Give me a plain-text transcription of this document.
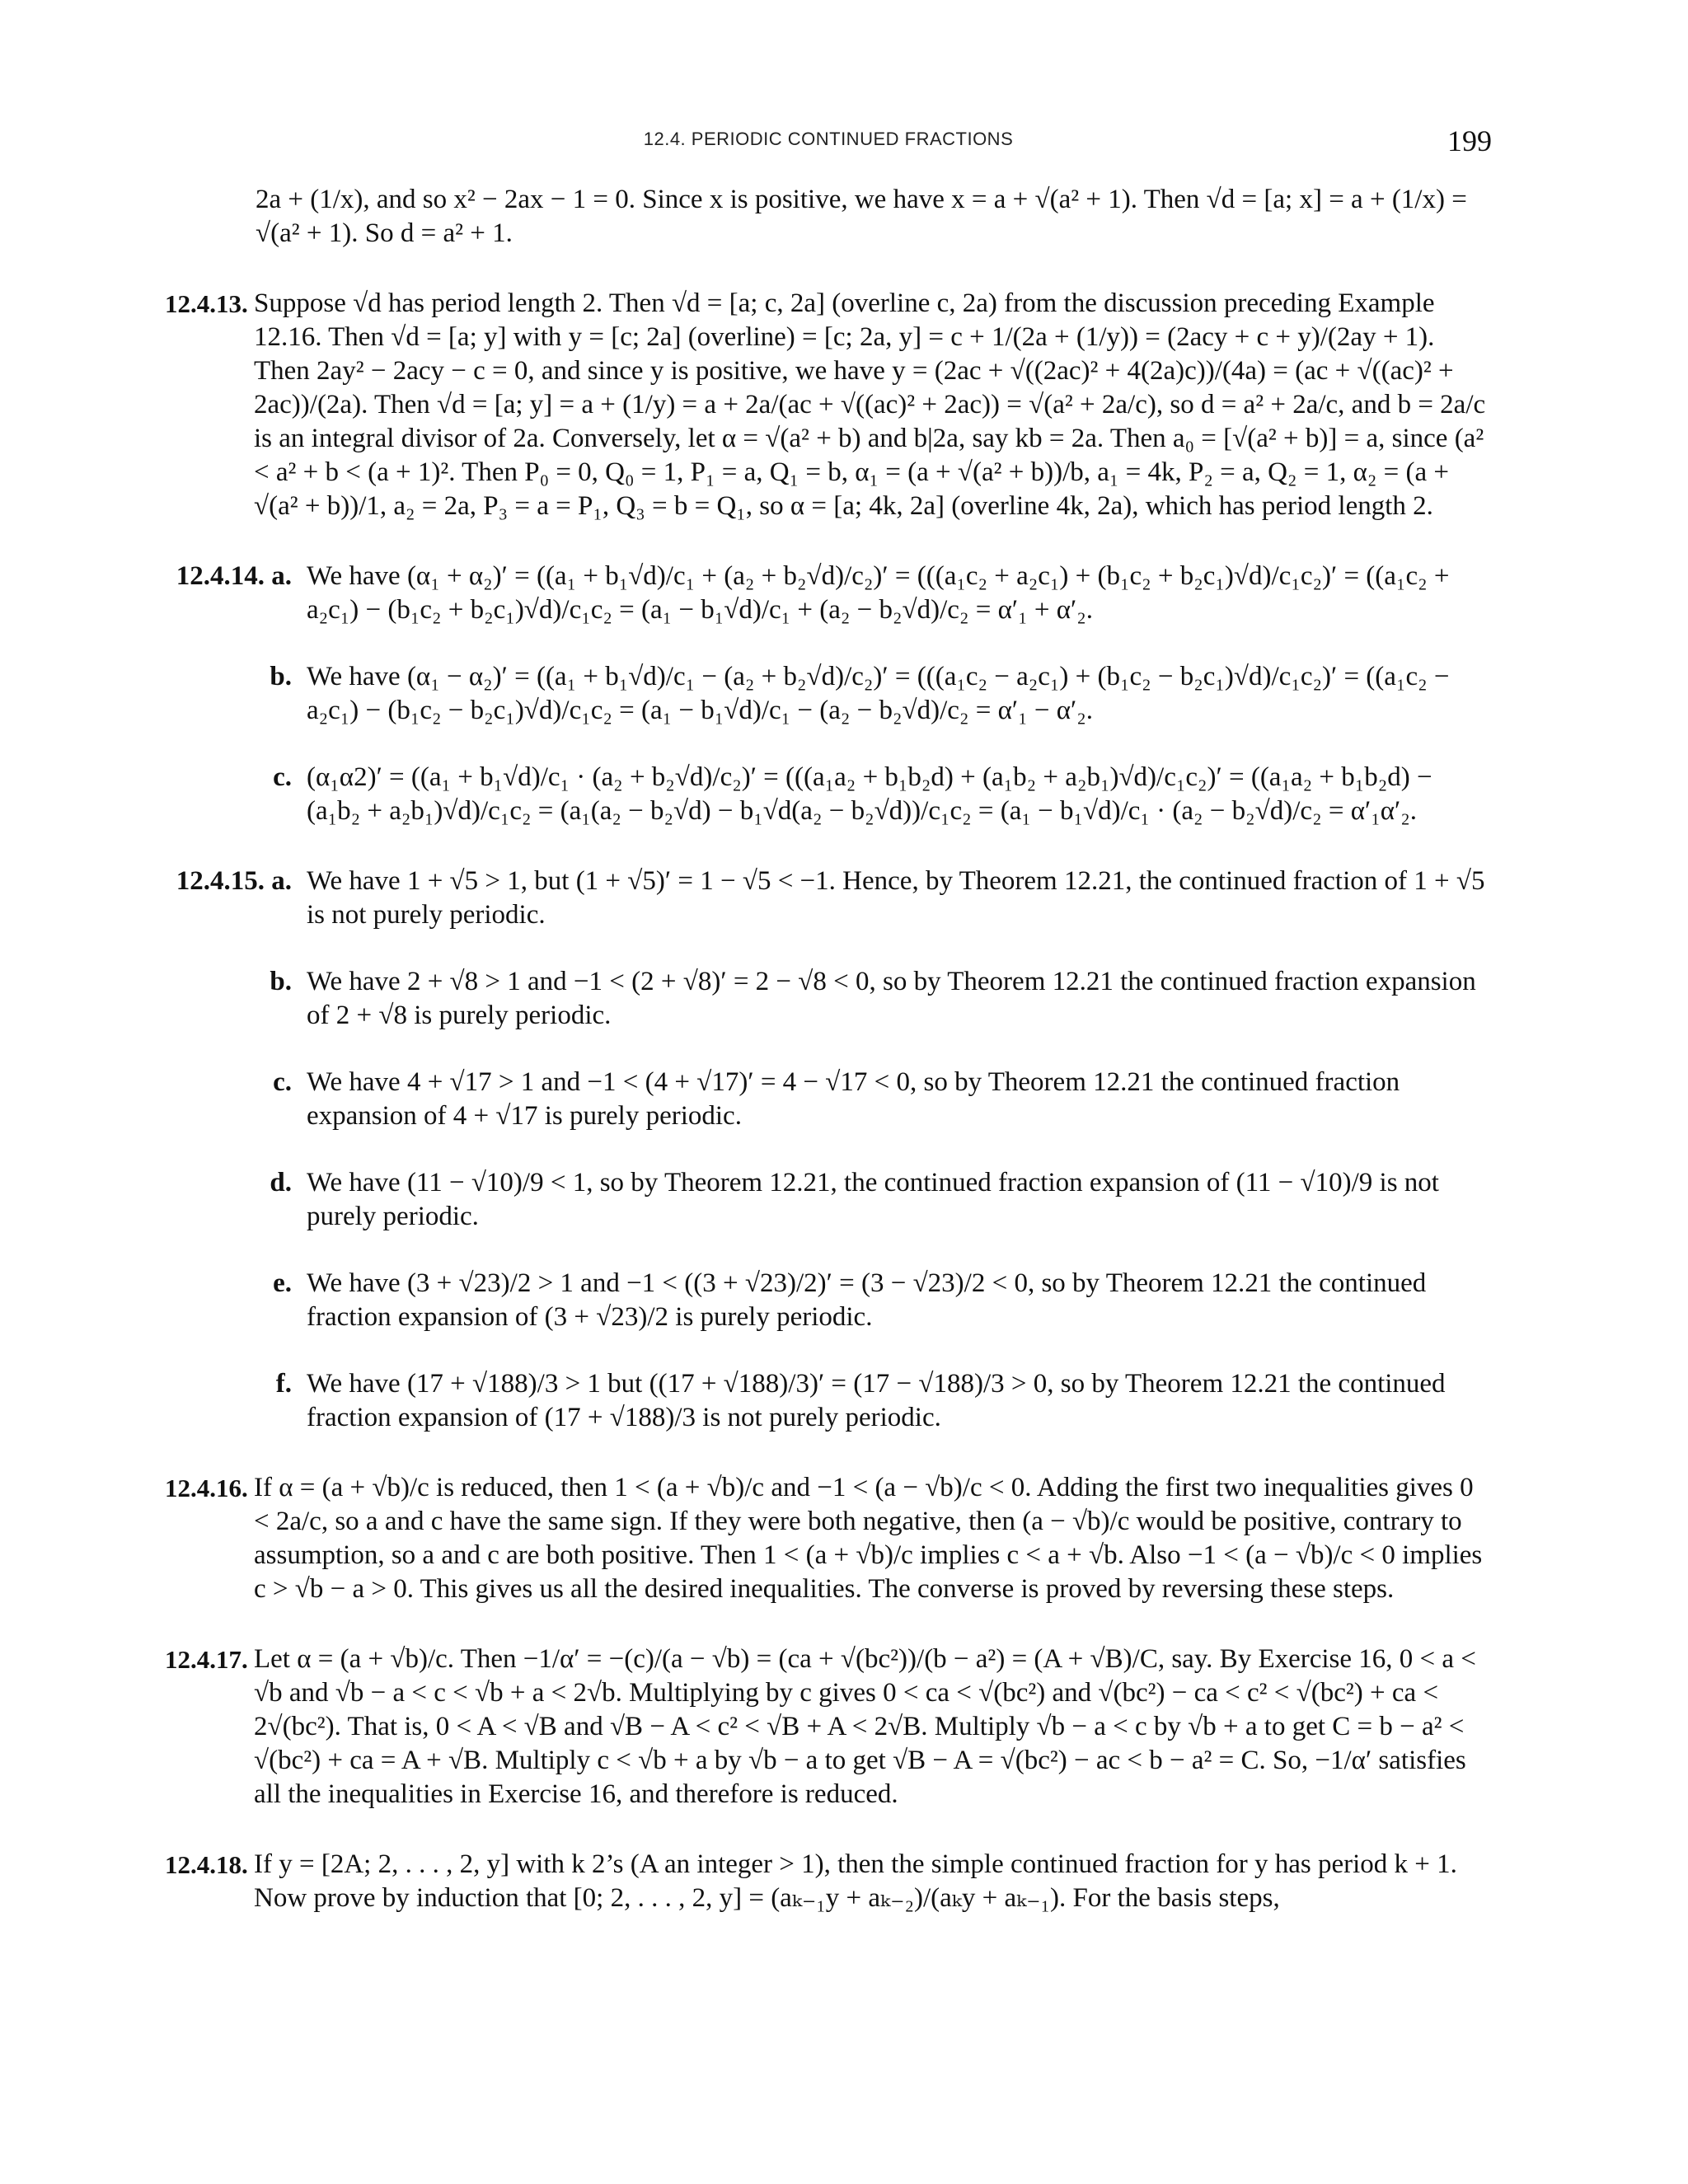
12.4. PERIODIC CONTINUED FRACTIONS	199
2a + (1/x), and so x² − 2ax − 1 = 0. Since x is positive, we have x = a + √(a² + 1). Then √d = [a; x] = a + (1/x) = √(a² + 1). So d = a² + 1.
12.4.13. Suppose √d has period length 2. Then √d = [a; c, 2a] (overline c, 2a) from the discussion preceding Example 12.16. Then √d = [a; y] with y = [c; 2a] (overline) = [c; 2a, y] = c + 1/(2a + (1/y)) = (2acy + c + y)/(2ay + 1). Then 2ay² − 2acy − c = 0, and since y is positive, we have y = (2ac + √((2ac)² + 4(2a)c))/(4a) = (ac + √((ac)² + 2ac))/(2a). Then √d = [a; y] = a + (1/y) = a + 2a/(ac + √((ac)² + 2ac)) = √(a² + 2a/c), so d = a² + 2a/c, and b = 2a/c is an integral divisor of 2a. Conversely, let α = √(a² + b) and b|2a, say kb = 2a. Then a₀ = [√(a² + b)] = a, since (a² < a² + b < (a + 1)². Then P₀ = 0, Q₀ = 1, P₁ = a, Q₁ = b, α₁ = (a + √(a² + b))/b, a₁ = 4k, P₂ = a, Q₂ = 1, α₂ = (a + √(a² + b))/1, a₂ = 2a, P₃ = a = P₁, Q₃ = b = Q₁, so α = [a; 4k, 2a] (overline 4k, 2a), which has period length 2.
12.4.14. a. We have (α₁ + α₂)′ = ((a₁ + b₁√d)/c₁ + (a₂ + b₂√d)/c₂)′ = (((a₁c₂ + a₂c₁) + (b₁c₂ + b₂c₁)√d)/c₁c₂)′ = ((a₁c₂ + a₂c₁) − (b₁c₂ + b₂c₁)√d)/c₁c₂ = (a₁ − b₁√d)/c₁ + (a₂ − b₂√d)/c₂ = α′₁ + α′₂.
b. We have (α₁ − α₂)′ = ((a₁ + b₁√d)/c₁ − (a₂ + b₂√d)/c₂)′ = (((a₁c₂ − a₂c₁) + (b₁c₂ − b₂c₁)√d)/c₁c₂)′ = ((a₁c₂ − a₂c₁) − (b₁c₂ − b₂c₁)√d)/c₁c₂ = (a₁ − b₁√d)/c₁ − (a₂ − b₂√d)/c₂ = α′₁ − α′₂.
c. (α₁α2)′ = ((a₁ + b₁√d)/c₁ · (a₂ + b₂√d)/c₂)′ = (((a₁a₂ + b₁b₂d) + (a₁b₂ + a₂b₁)√d)/c₁c₂)′ = ((a₁a₂ + b₁b₂d) − (a₁b₂ + a₂b₁)√d)/c₁c₂ = (a₁(a₂ − b₂√d) − b₁√d(a₂ − b₂√d))/c₁c₂ = (a₁ − b₁√d)/c₁ · (a₂ − b₂√d)/c₂ = α′₁α′₂.
12.4.15. a. We have 1 + √5 > 1, but (1 + √5)′ = 1 − √5 < −1. Hence, by Theorem 12.21, the continued fraction of 1 + √5 is not purely periodic.
b. We have 2 + √8 > 1 and −1 < (2 + √8)′ = 2 − √8 < 0, so by Theorem 12.21 the continued fraction expansion of 2 + √8 is purely periodic.
c. We have 4 + √17 > 1 and −1 < (4 + √17)′ = 4 − √17 < 0, so by Theorem 12.21 the continued fraction expansion of 4 + √17 is purely periodic.
d. We have (11 − √10)/9 < 1, so by Theorem 12.21, the continued fraction expansion of (11 − √10)/9 is not purely periodic.
e. We have (3 + √23)/2 > 1 and −1 < ((3 + √23)/2)′ = (3 − √23)/2 < 0, so by Theorem 12.21 the continued fraction expansion of (3 + √23)/2 is purely periodic.
f. We have (17 + √188)/3 > 1 but ((17 + √188)/3)′ = (17 − √188)/3 > 0, so by Theorem 12.21 the continued fraction expansion of (17 + √188)/3 is not purely periodic.
12.4.16. If α = (a + √b)/c is reduced, then 1 < (a + √b)/c and −1 < (a − √b)/c < 0. Adding the first two inequalities gives 0 < 2a/c, so a and c have the same sign. If they were both negative, then (a − √b)/c would be positive, contrary to assumption, so a and c are both positive. Then 1 < (a + √b)/c implies c < a + √b. Also −1 < (a − √b)/c < 0 implies c > √b − a > 0. This gives us all the desired inequalities. The converse is proved by reversing these steps.
12.4.17. Let α = (a + √b)/c. Then −1/α′ = −(c)/(a − √b) = (ca + √(bc²))/(b − a²) = (A + √B)/C, say. By Exercise 16, 0 < a < √b and √b − a < c < √b + a < 2√b. Multiplying by c gives 0 < ca < √(bc²) and √(bc²) − ca < c² < √(bc²) + ca < 2√(bc²). That is, 0 < A < √B and √B − A < c² < √B + A < 2√B. Multiply √b − a < c by √b + a to get C = b − a² < √(bc²) + ca = A + √B. Multiply c < √b + a by √b − a to get √B − A = √(bc²) − ac < b − a² = C. So, −1/α′ satisfies all the inequalities in Exercise 16, and therefore is reduced.
12.4.18. If y = [2A; 2, . . . , 2, y] with k 2’s (A an integer > 1), then the simple continued fraction for y has period k + 1. Now prove by induction that [0; 2, . . . , 2, y] = (aₖ₋₁y + aₖ₋₂)/(aₖy + aₖ₋₁). For the basis steps,
